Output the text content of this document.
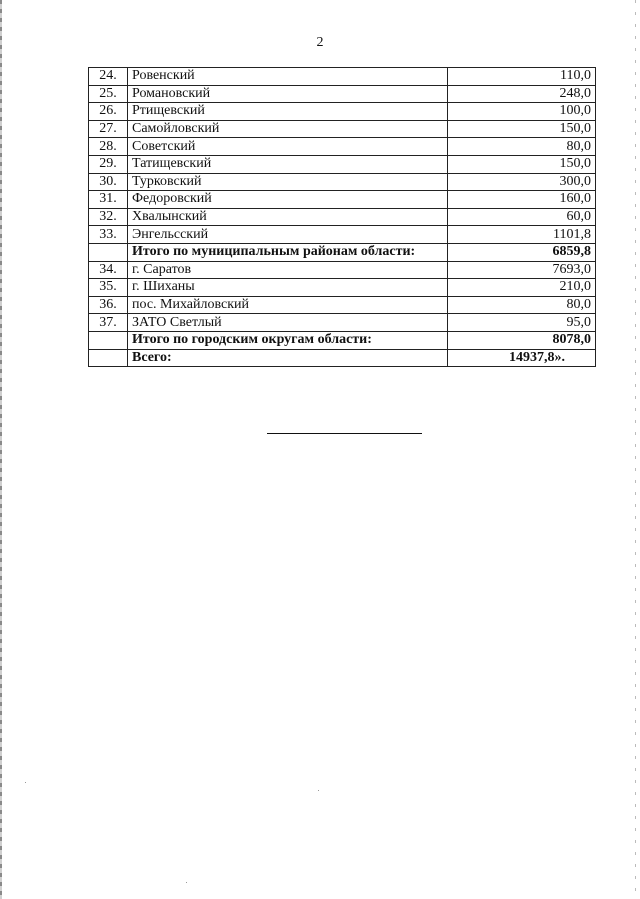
2
24.	Ровенский	110,0
25.	Романовский	248,0
26.	Ртищевский	100,0
27.	Самойловский	150,0
28.	Советский	80,0
29.	Татищевский	150,0
30.	Турковский	300,0
31.	Федоровский	160,0
32.	Хвалынский	60,0
33.	Энгельсский	1101,8
	Итого по муниципальным районам области:	6859,8
34.	г. Саратов	7693,0
35.	г. Шиханы	210,0
36.	пос. Михайловский	80,0
37.	ЗАТО Светлый	95,0
	Итого по городским округам области:	8078,0
	Всего:	14937,8».
